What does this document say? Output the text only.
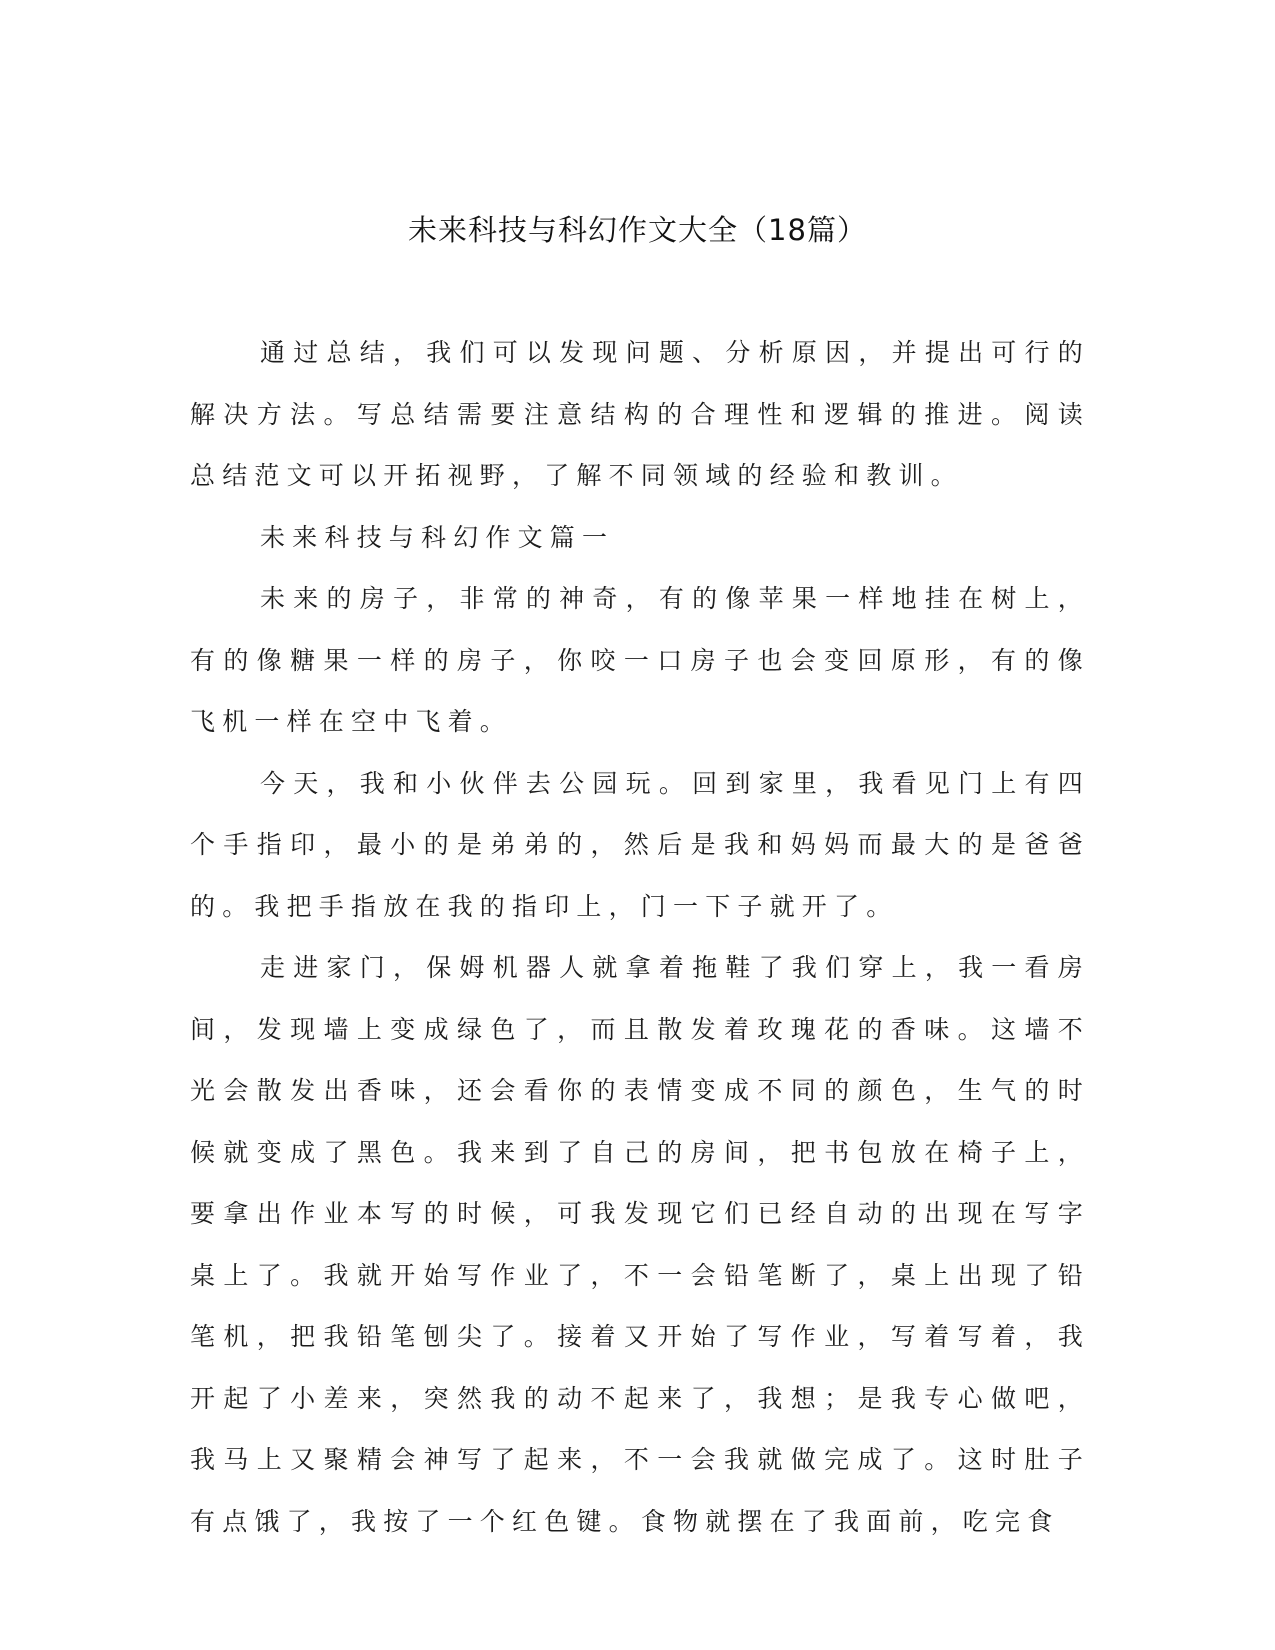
未来科技与科幻作文大全（18篇）

通过总结，我们可以发现问题、分析原因，并提出可行的解决方法。写总结需要注意结构的合理性和逻辑的推进。阅读总结范文可以开拓视野，了解不同领域的经验和教训。

未来科技与科幻作文篇一

未来的房子，非常的神奇，有的像苹果一样地挂在树上，有的像糖果一样的房子，你咬一口房子也会变回原形，有的像飞机一样在空中飞着。

今天，我和小伙伴去公园玩。回到家里，我看见门上有四个手指印，最小的是弟弟的，然后是我和妈妈而最大的是爸爸的。我把手指放在我的指印上，门一下子就开了。

走进家门，保姆机器人就拿着拖鞋了我们穿上，我一看房间，发现墙上变成绿色了，而且散发着玫瑰花的香味。这墙不光会散发出香味，还会看你的表情变成不同的颜色，生气的时候就变成了黑色。我来到了自己的房间，把书包放在椅子上，要拿出作业本写的时候，可我发现它们已经自动的出现在写字桌上了。我就开始写作业了，不一会铅笔断了，桌上出现了铅笔机，把我铅笔刨尖了。接着又开始了写作业，写着写着，我开起了小差来，突然我的动不起来了，我想；是我专心做吧，我马上又聚精会神写了起来，不一会我就做完成了。这时肚子有点饿了，我按了一个红色键。食物就摆在了我面前，吃完食
